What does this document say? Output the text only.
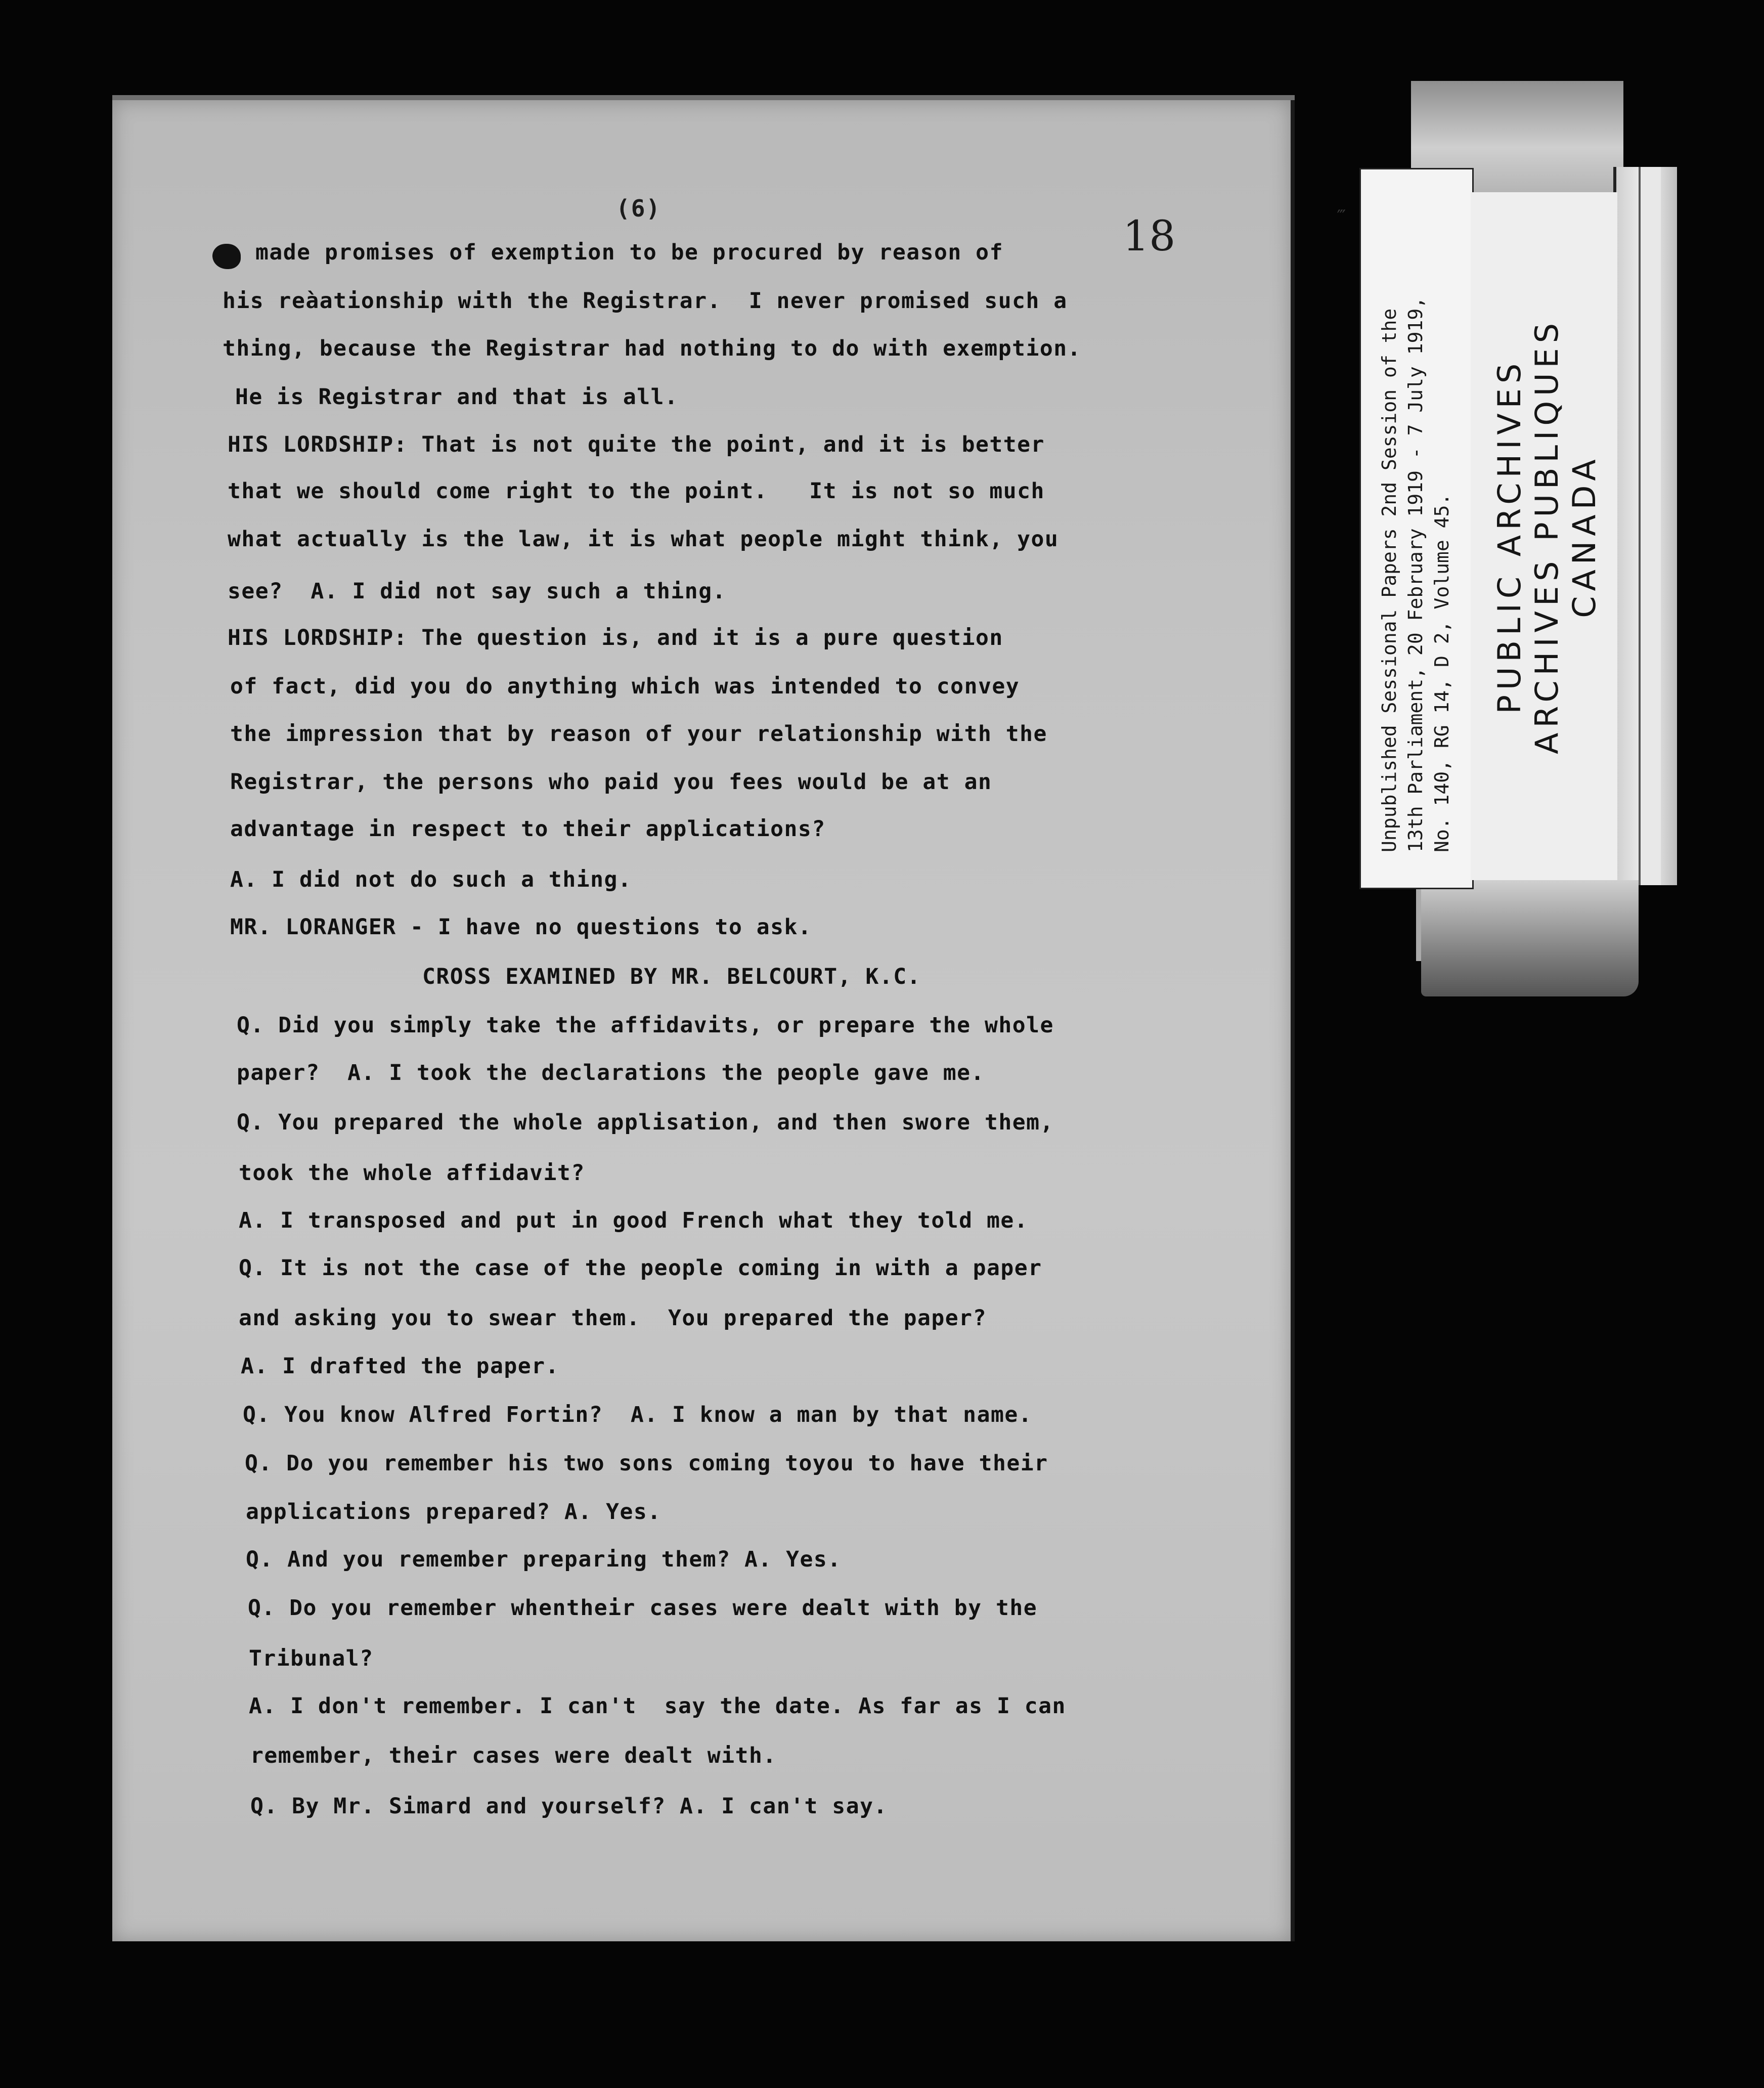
‴
(6)
18
made promises of exemption to be procured by reason of
his reàationship with the Registrar.  I never promised such a
thing, because the Registrar had nothing to do with exemption.
He is Registrar and that is all.
HIS LORDSHIP: That is not quite the point, and it is better
that we should come right to the point.   It is not so much
what actually is the law, it is what people might think, you
see?  A. I did not say such a thing.
HIS LORDSHIP: The question is, and it is a pure question
of fact, did you do anything which was intended to convey
the impression that by reason of your relationship with the
Registrar, the persons who paid you fees would be at an
advantage in respect to their applications?
A. I did not do such a thing.
MR. LORANGER - I have no questions to ask.
CROSS EXAMINED BY MR. BELCOURT, K.C.
Q. Did you simply take the affidavits, or prepare the whole
paper?  A. I took the declarations the people gave me.
Q. You prepared the whole applisation, and then swore them,
took the whole affidavit?
A. I transposed and put in good French what they told me.
Q. It is not the case of the people coming in with a paper
and asking you to swear them.  You prepared the paper?
A. I drafted the paper.
Q. You know Alfred Fortin?  A. I know a man by that name.
Q. Do you remember his two sons coming toyou to have their
applications prepared? A. Yes.
Q. And you remember preparing them? A. Yes.
Q. Do you remember whentheir cases were dealt with by the
Tribunal?
A. I don't remember. I can't  say the date. As far as I can
remember, their cases were dealt with.
Q. By Mr. Simard and yourself? A. I can't say.
Unpublished Sessional Papers 2nd Session of the 13th Parliament, 20 February 1919 - 7 July 1919, No. 140, RG 14, D 2, Volume 45. PUBLIC ARCHIVES ARCHIVES PUBLIQUES CANADA
